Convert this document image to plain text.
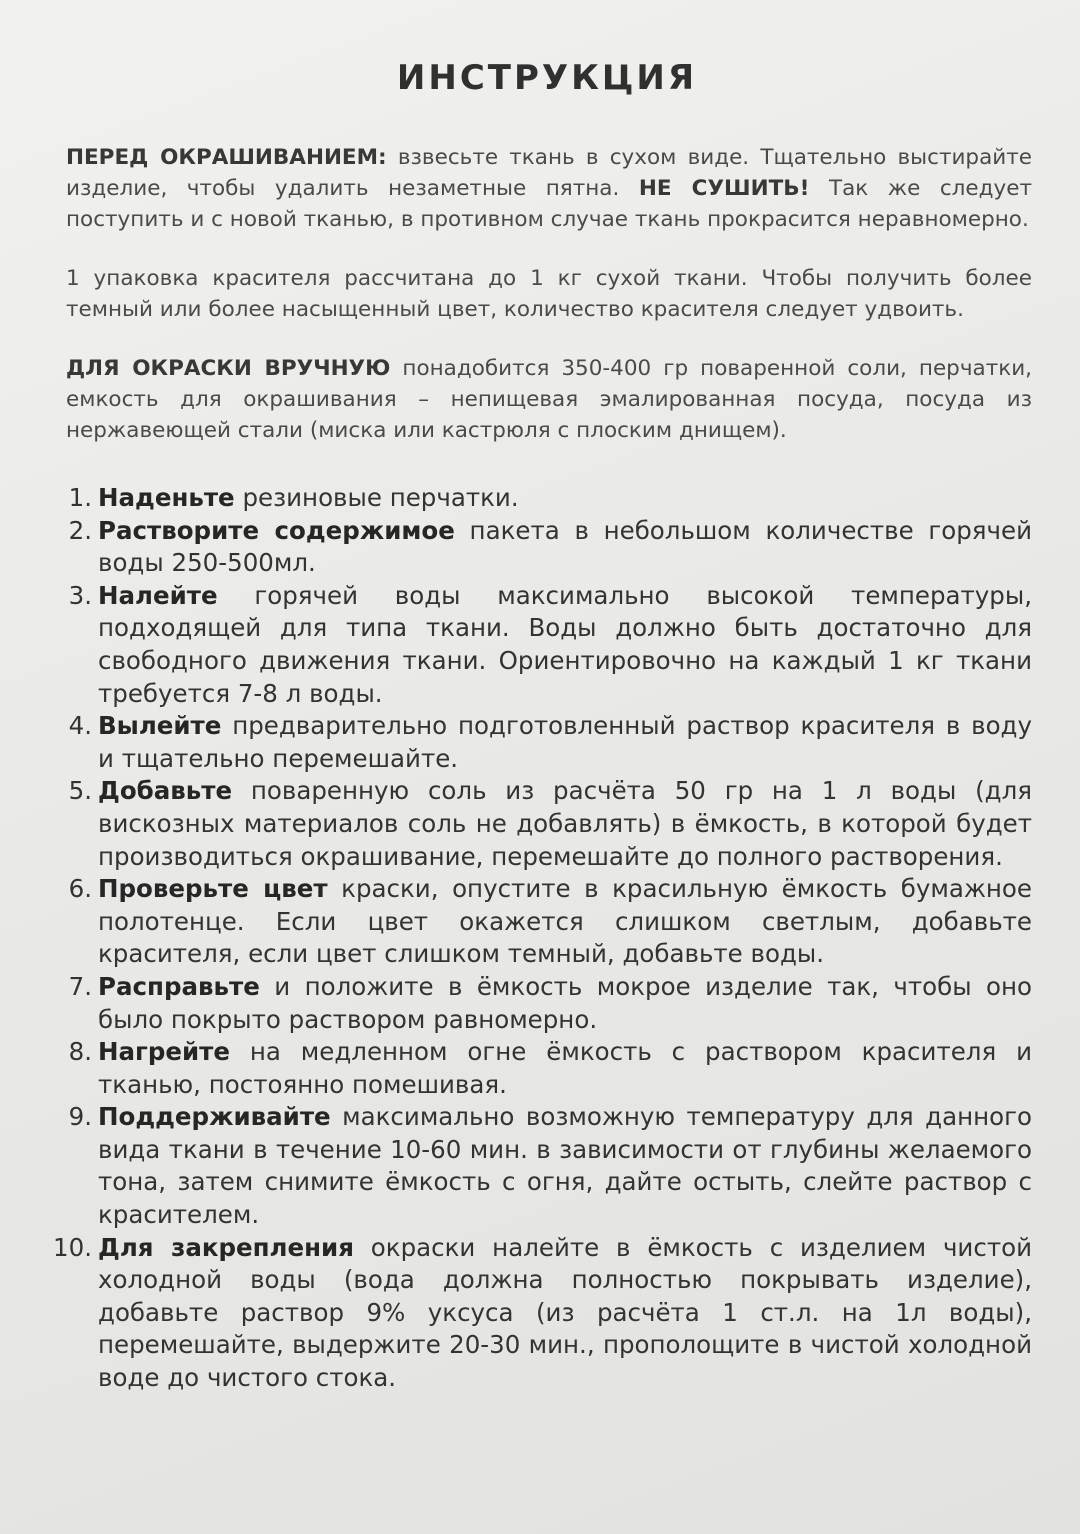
ИНСТРУКЦИЯ

ПЕРЕД ОКРАШИВАНИЕМ: взвесьте ткань в сухом виде. Тщательно выстирайте изделие, чтобы удалить незаметные пятна. НЕ СУШИТЬ! Так же следует поступить и с новой тканью, в противном случае ткань прокрасится неравномерно.

1 упаковка красителя рассчитана до 1 кг сухой ткани. Чтобы получить более темный или более насыщенный цвет, количество красителя следует удвоить.

ДЛЯ ОКРАСКИ ВРУЧНУЮ понадобится 350-400 гр поваренной соли, перчатки, емкость для окрашивания – непищевая эмалированная посуда, посуда из нержавеющей стали (миска или кастрюля с плоским днищем).

1. Наденьте резиновые перчатки.
2. Растворите содержимое пакета в небольшом количестве горячей воды 250-500мл.
3. Налейте горячей воды максимально высокой температуры, подходящей для типа ткани. Воды должно быть достаточно для свободного движения ткани. Ориентировочно на каждый 1 кг ткани требуется 7-8 л воды.
4. Вылейте предварительно подготовленный раствор красителя в воду и тщательно перемешайте.
5. Добавьте поваренную соль из расчёта 50 гр на 1 л воды (для вискозных материалов соль не добавлять) в ёмкость, в которой будет производиться окрашивание, перемешайте до полного растворения.
6. Проверьте цвет краски, опустите в красильную ёмкость бумажное полотенце. Если цвет окажется слишком светлым, добавьте красителя, если цвет слишком темный, добавьте воды.
7. Расправьте и положите в ёмкость мокрое изделие так, чтобы оно было покрыто раствором равномерно.
8. Нагрейте на медленном огне ёмкость с раствором красителя и тканью, постоянно помешивая.
9. Поддерживайте максимально возможную температуру для данного вида ткани в течение 10-60 мин. в зависимости от глубины желаемого тона, затем снимите ёмкость с огня, дайте остыть, слейте раствор с красителем.
10. Для закрепления окраски налейте в ёмкость с изделием чистой холодной воды (вода должна полностью покрывать изделие), добавьте раствор 9% уксуса (из расчёта 1 ст.л. на 1л воды), перемешайте, выдержите 20-30 мин., прополощите в чистой холодной воде до чистого стока.
